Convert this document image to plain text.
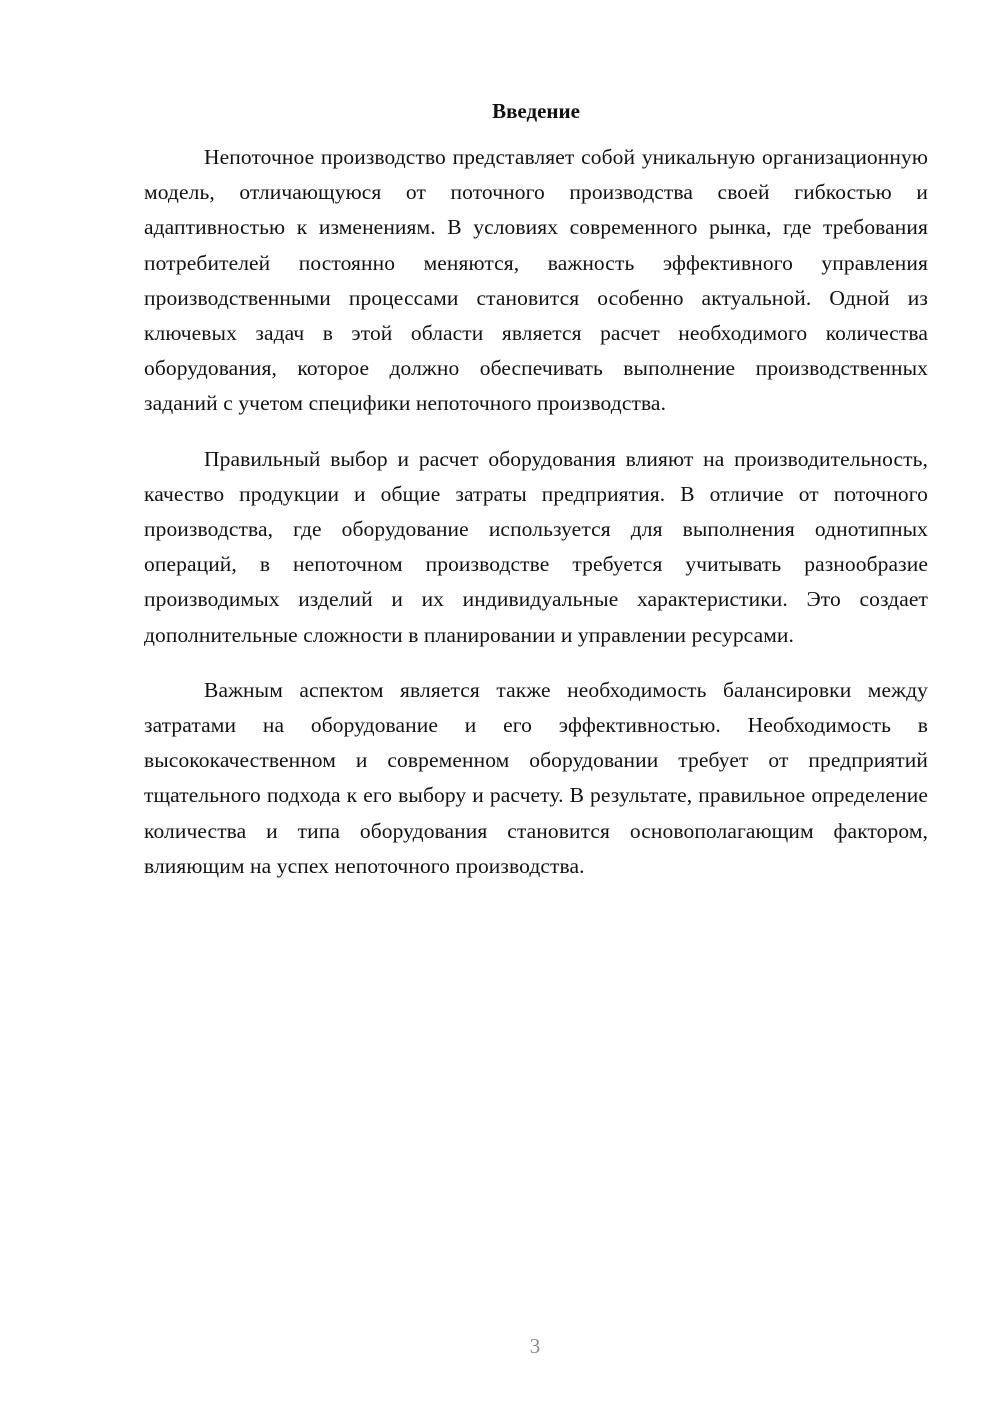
Введение

Непоточное производство представляет собой уникальную организационную модель, отличающуюся от поточного производства своей гибкостью и адаптивностью к изменениям. В условиях современного рынка, где требования потребителей постоянно меняются, важность эффективного управления производственными процессами становится особенно актуальной. Одной из ключевых задач в этой области является расчет необходимого количества оборудования, которое должно обеспечивать выполнение производственных заданий с учетом специфики непоточного производства.

Правильный выбор и расчет оборудования влияют на производительность, качество продукции и общие затраты предприятия. В отличие от поточного производства, где оборудование используется для выполнения однотипных операций, в непоточном производстве требуется учитывать разнообразие производимых изделий и их индивидуальные характеристики. Это создает дополнительные сложности в планировании и управлении ресурсами.

Важным аспектом является также необходимость балансировки между затратами на оборудование и его эффективностью. Необходимость в высококачественном и современном оборудовании требует от предприятий тщательного подхода к его выбору и расчету. В результате, правильное определение количества и типа оборудования становится основополагающим фактором, влияющим на успех непоточного производства.

3
